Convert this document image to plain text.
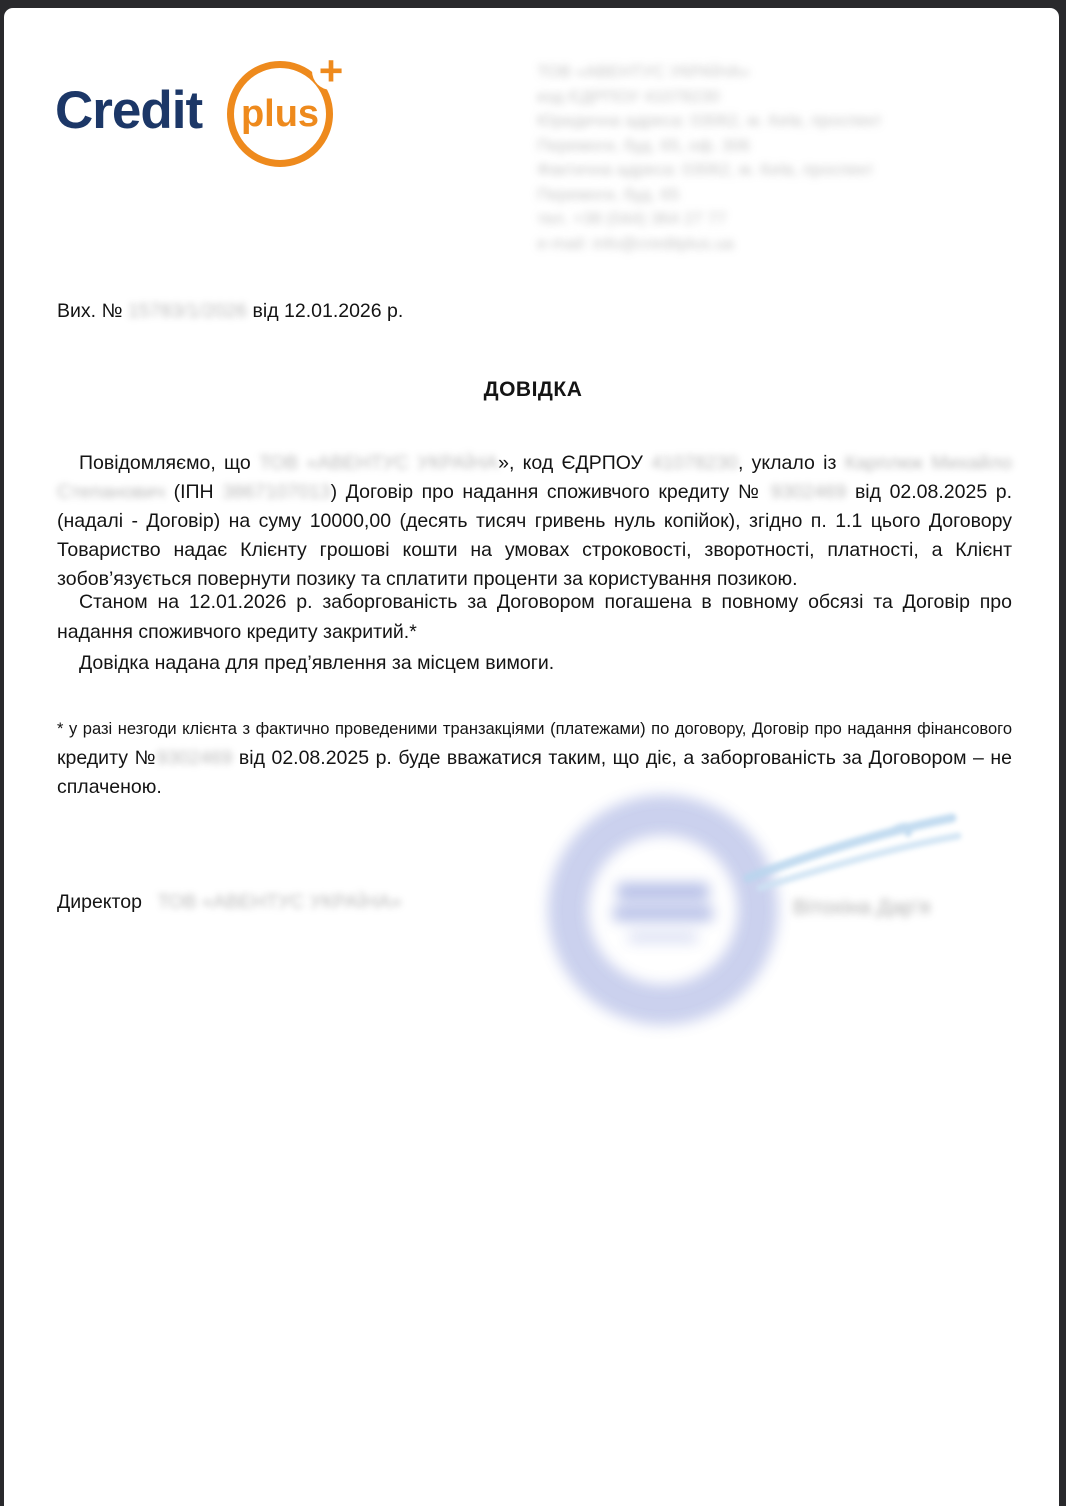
Credit plus
+	ТОВ «АВЕНТУС УКРАЇНА»
код ЄДРПОУ 41078230
Юридична адреса: 03062, м. Київ, проспект
Перемоги, буд. 65, оф. 306
Фактична адреса: 03062, м. Київ, проспект
Перемоги, буд. 65
тел. +38 (044) 364 27 77
e-mail: info@creditplus.ua
Вих. № 15783/1/2026 від 12.01.2026 р.
ДОВІДКА
Повідомляємо, що ТОВ «АВЕНТУС УКРАЇНА», код ЄДРПОУ 41078230, уклало із Карплюк Михайло Степанович (ІПН 3867107013) Договір про надання споживчого кредиту № 9302469 від 02.08.2025 р. (надалі - Договір) на суму 10000,00 (десять тисяч гривень нуль копійок), згідно п. 1.1 цього Договору Товариство надає Клієнту грошові кошти на умовах строковості, зворотності, платності, а Клієнт зобов’язується повернути позику та сплатити проценти за користування позикою.
Станом на 12.01.2026 р. заборгованість за Договором погашена в повному обсязі та Договір про надання споживчого кредиту закритий.*
Довідка надана для пред’явлення за місцем вимоги.
* у разі незгоди клієнта з фактично проведеними транзакціями (платежами) по договору, Договір про надання фінансового кредиту №9302469 від 02.08.2025 р. буде вважатися таким, що діє, а заборгованість за Договором – не сплаченою.
Директор ТОВ «АВЕНТУС УКРАЇНА»	Вітохіна Дар’я
